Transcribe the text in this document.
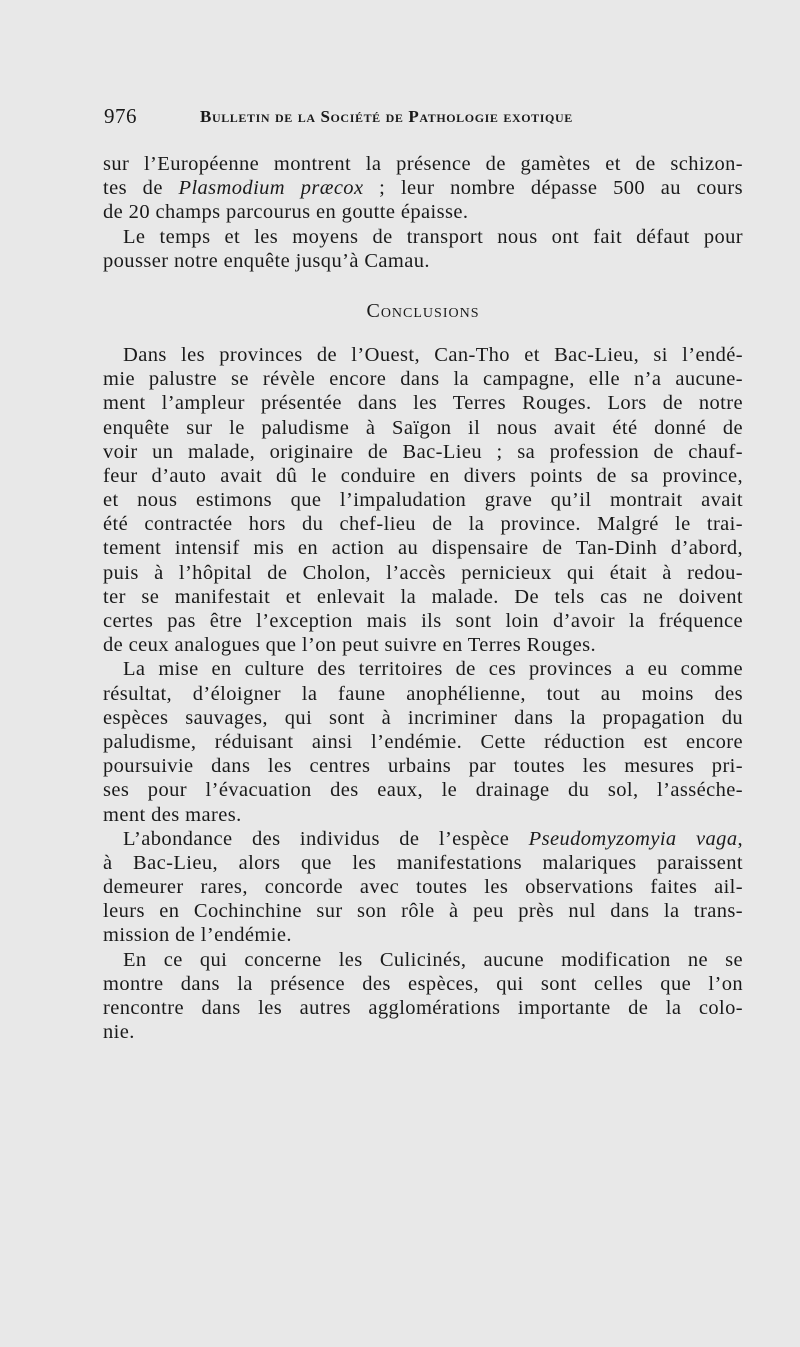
976	Bulletin de la Société de Pathologie exotique
sur l’Européenne montrent la présence de gamètes et de schizon-
tes de Plasmodium præcox ; leur nombre dépasse 500 au cours
de 20 champs parcourus en goutte épaisse.
Le temps et les moyens de transport nous ont fait défaut pour
pousser notre enquête jusqu’à Camau.
Conclusions
Dans les provinces de l’Ouest, Can-Tho et Bac-Lieu, si l’endé-
mie palustre se révèle encore dans la campagne, elle n’a aucune-
ment l’ampleur présentée dans les Terres Rouges. Lors de notre
enquête sur le paludisme à Saïgon il nous avait été donné de
voir un malade, originaire de Bac-Lieu ; sa profession de chauf-
feur d’auto avait dû le conduire en divers points de sa province,
et nous estimons que l’impaludation grave qu’il montrait avait
été contractée hors du chef-lieu de la province. Malgré le trai-
tement intensif mis en action au dispensaire de Tan-Dinh d’abord,
puis à l’hôpital de Cholon, l’accès pernicieux qui était à redou-
ter se manifestait et enlevait la malade. De tels cas ne doivent
certes pas être l’exception mais ils sont loin d’avoir la fréquence
de ceux analogues que l’on peut suivre en Terres Rouges.
La mise en culture des territoires de ces provinces a eu comme
résultat, d’éloigner la faune anophélienne, tout au moins des
espèces sauvages, qui sont à incriminer dans la propagation du
paludisme, réduisant ainsi l’endémie. Cette réduction est encore
poursuivie dans les centres urbains par toutes les mesures pri-
ses pour l’évacuation des eaux, le drainage du sol, l’asséche-
ment des mares.
L’abondance des individus de l’espèce Pseudomyzomyia vaga,
à Bac-Lieu, alors que les manifestations malariques paraissent
demeurer rares, concorde avec toutes les observations faites ail-
leurs en Cochinchine sur son rôle à peu près nul dans la trans-
mission de l’endémie.
En ce qui concerne les Culicinés, aucune modification ne se
montre dans la présence des espèces, qui sont celles que l’on
rencontre dans les autres agglomérations importante de la colo-
nie.
